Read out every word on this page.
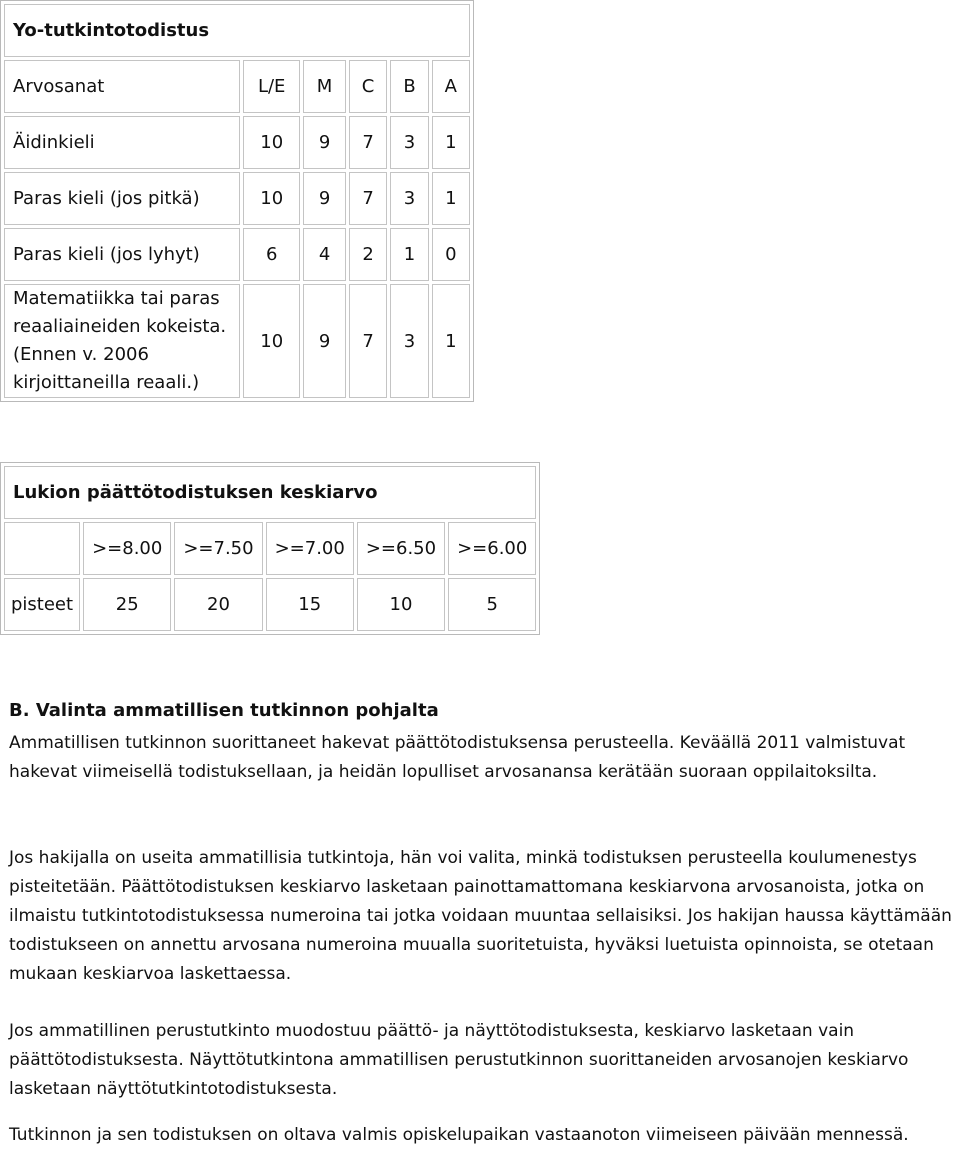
Yo-tutkintotodistus					
Arvosanat	L/E	M	C	B	A
Äidinkieli	10	9	7	3	1
Paras kieli (jos pitkä)	10	9	7	3	1
Paras kieli (jos lyhyt)	6	4	2	1	0
Matematiikka tai paras reaaliaineiden kokeista. (Ennen v. 2006 kirjoittaneilla reaali.)	10	9	7	3	1
Lukion päättötodistuksen keskiarvo					
	>=8.00	>=7.50	>=7.00	>=6.50	>=6.00
pisteet	25	20	15	10	5
B. Valinta ammatillisen tutkinnon pohjalta

Ammatillisen tutkinnon suorittaneet hakevat päättötodistuksensa perusteella. Keväällä 2011 valmistuvat hakevat viimeisellä todistuksellaan, ja heidän lopulliset arvosanansa kerätään suoraan oppilaitoksilta.

Jos hakijalla on useita ammatillisia tutkintoja, hän voi valita, minkä todistuksen perusteella koulumenestys pisteitetään. Päättötodistuksen keskiarvo lasketaan painottamattomana keskiarvona arvosanoista, jotka on ilmaistu tutkintotodistuksessa numeroina tai jotka voidaan muuntaa sellaisiksi. Jos hakijan haussa käyttämään todistukseen on annettu arvosana numeroina muualla suoritetuista, hyväksi luetuista opinnoista, se otetaan mukaan keskiarvoa laskettaessa.

Jos ammatillinen perustutkinto muodostuu päättö- ja näyttötodistuksesta, keskiarvo lasketaan vain päättötodistuksesta. Näyttötutkintona ammatillisen perustutkinnon suorittaneiden arvosanojen keskiarvo lasketaan näyttötutkintotodistuksesta.

Tutkinnon ja sen todistuksen on oltava valmis opiskelupaikan vastaanoton viimeiseen päivään mennessä.
